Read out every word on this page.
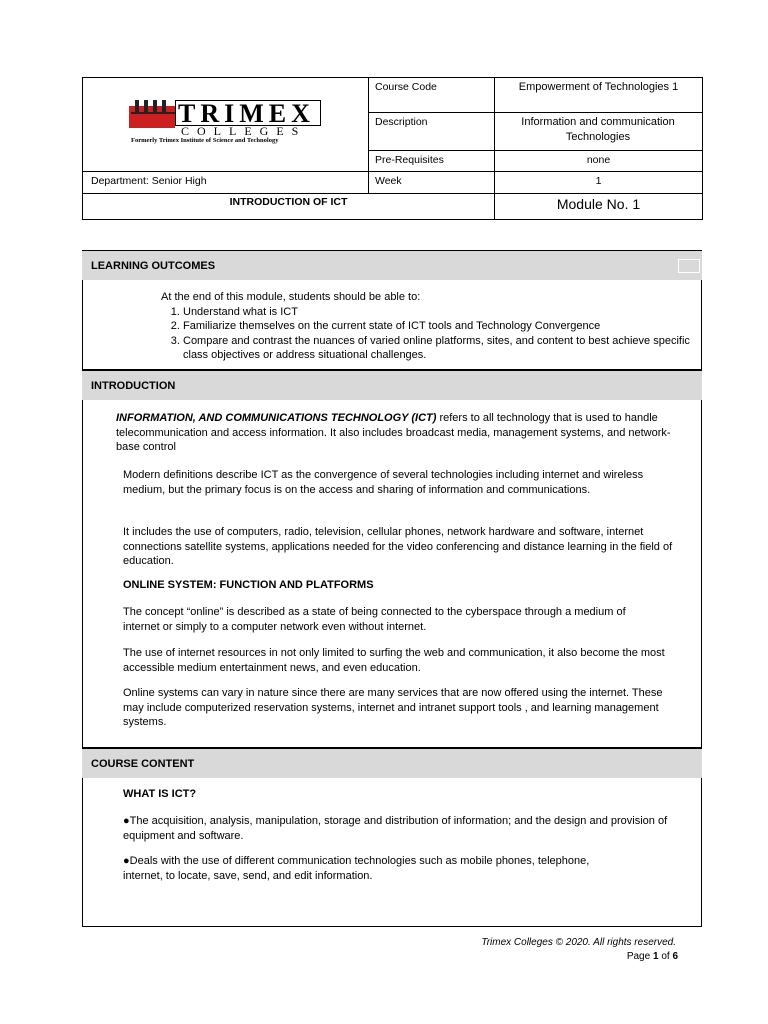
TRIMEX
COLLEGES
Formerly Trimex Institute of Science and Technology
Course Code	Empowerment of Technologies 1
Description	Information and communication Technologies
Pre-Requisites	none
Department: Senior High	Week	1
INTRODUCTION OF ICT	Module No. 1
LEARNING OUTCOMES
At the end of this module, students should be able to:
1. Understand what is ICT
2. Familiarize themselves on the current state of ICT tools and Technology Convergence
3. Compare and contrast the nuances of varied online platforms, sites, and content to best achieve specific class objectives or address situational challenges.
INTRODUCTION
INFORMATION, AND COMMUNICATIONS TECHNOLOGY (ICT) refers to all technology that is used to handle telecommunication and access information. It also includes broadcast media, management systems, and network-base control
Modern definitions describe ICT as the convergence of several technologies including internet and wireless medium, but the primary focus is on the access and sharing of information and communications.
It includes the use of computers, radio, television, cellular phones, network hardware and software, internet connections satellite systems, applications needed for the video conferencing and distance learning in the field of education.
ONLINE SYSTEM: FUNCTION AND PLATFORMS
The concept “online” is described as a state of being connected to the cyberspace through a medium of internet or simply to a computer network even without internet.
The use of internet resources in not only limited to surfing the web and communication, it also become the most accessible medium entertainment news, and even education.
Online systems can vary in nature since there are many services that are now offered using the internet. These may include computerized reservation systems, internet and intranet support tools , and learning management systems.
COURSE CONTENT
WHAT IS ICT?
●The acquisition, analysis, manipulation, storage and distribution of information; and the design and provision of equipment and software.
●Deals with the use of different communication technologies such as mobile phones, telephone, internet, to locate, save, send, and edit information.
Trimex Colleges © 2020. All rights reserved.
Page 1 of 6
